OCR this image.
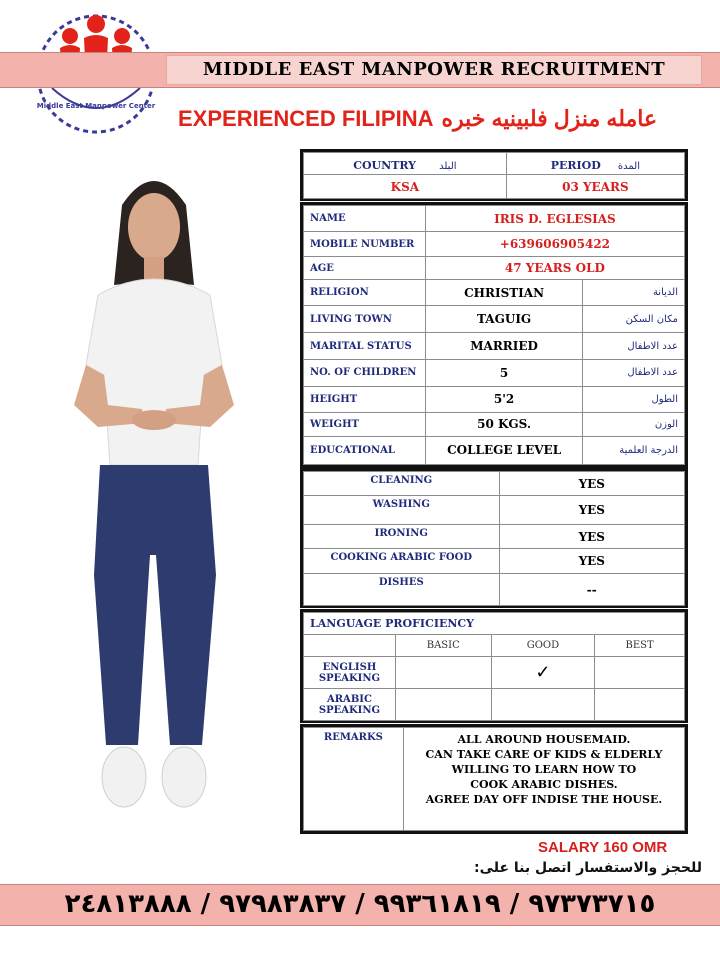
Middle East Manpower Center
MIDDLE EAST MANPOWER RECRUITMENT
EXPERIENCED FILIPINA عامله منزل فلبينيه خبره
COUNTRY البلد	PERIOD المدة
KSA	03 YEARS
NAME	IRIS D. EGLESIAS	
MOBILE NUMBER	+639606905422	
AGE	47 YEARS OLD	
RELIGION	CHRISTIAN	الديانة
LIVING TOWN	TAGUIG	مكان السكن
MARITAL STATUS	MARRIED	عدد الاطفال
NO. OF CHILDREN	5	عدد الاطفال
HEIGHT	5'2	الطول
WEIGHT	50 KGS.	الوزن
EDUCATIONAL	COLLEGE LEVEL	الدرجة العلمية
CLEANING	YES
WASHING	YES
IRONING	YES
COOKING ARABIC FOOD	YES
DISHES	--
LANGUAGE PROFICIENCY			
	BASIC	GOOD	BEST
ENGLISH SPEAKING		✓	
ARABIC SPEAKING			
REMARKS	ALL AROUND HOUSEMAID.
CAN TAKE CARE OF KIDS & ELDERLY
WILLING TO LEARN HOW TO COOK ARABIC DISHES.
AGREE DAY OFF INDISE THE HOUSE.
SALARY 160 OMR
للحجز والاستفسار اتصل بنا على:
٩٧٣٧٣٧١٥ / ٩٩٣٦١٨١٩ / ٩٧٩٨٣٨٣٧ / ٢٤٨١٣٨٨٨
